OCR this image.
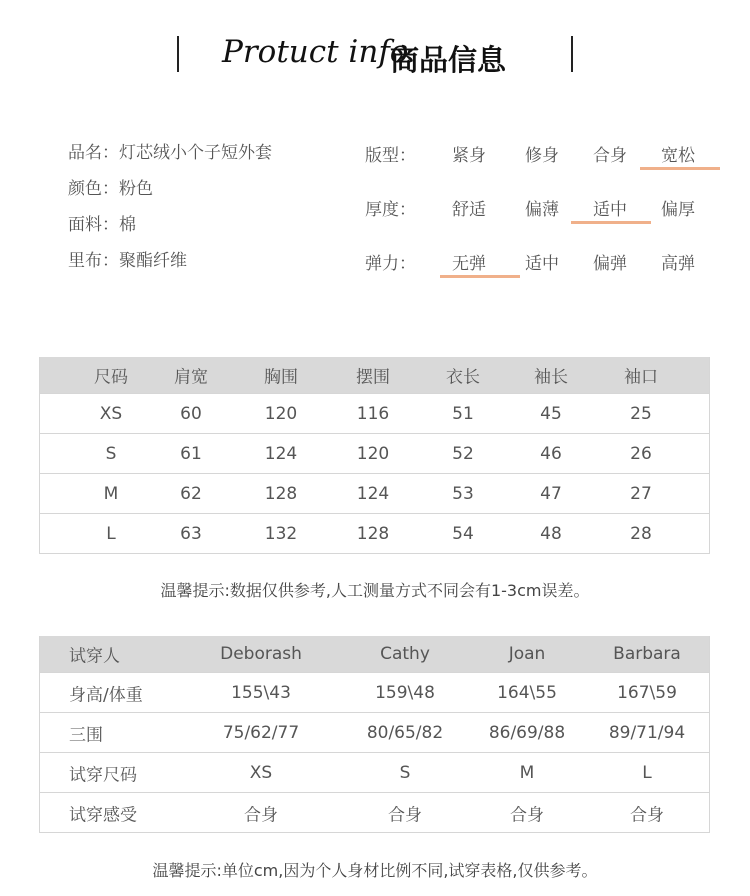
Protuct info
商品信息
品名：灯芯绒小个子短外套
颜色：粉色
面料：棉
里布：聚酯纤维
版型： 紧身 修身 合身 宽松
厚度： 舒适 偏薄 适中 偏厚
弹力： 无弹 适中 偏弹 高弹
尺码	肩宽	胸围	摆围	衣长	袖长	袖口
XS	60	120	116	51	45	25
S	61	124	120	52	46	26
M	62	128	124	53	47	27
L	63	132	128	54	48	28
温馨提示:数据仅供参考,人工测量方式不同会有1-3cm误差。
试穿人	Deborash	Cathy	Joan	Barbara
身高/体重	155\43	159\48	164\55	167\59
三围	75/62/77	80/65/82	86/69/88	89/71/94
试穿尺码	XS	S	M	L
试穿感受	合身	合身	合身	合身
温馨提示:单位cm,因为个人身材比例不同,试穿表格,仅供参考。
